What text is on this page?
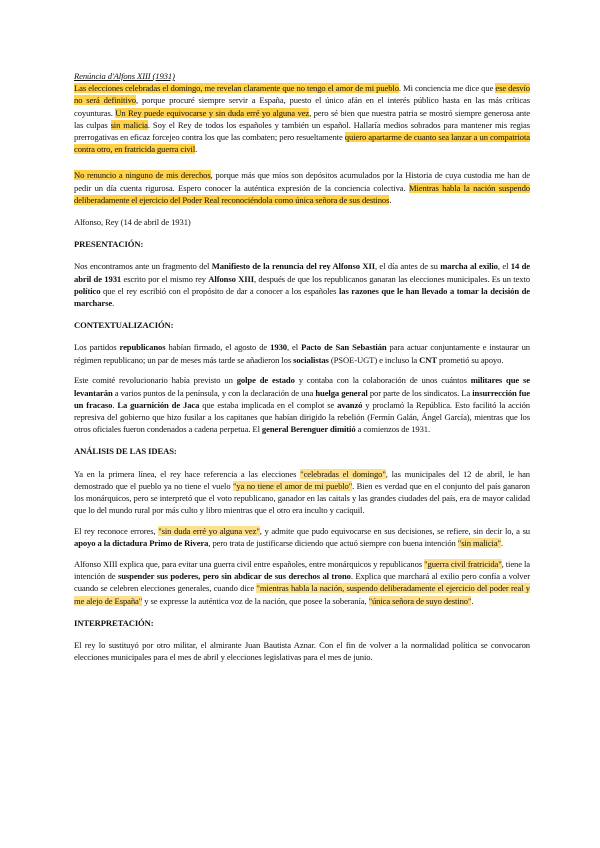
Renúncia d'Alfons XIII (1931)

Las elecciones celebradas el domingo, me revelan claramente que no tengo el amor de mi pueblo. Mi conciencia me dice que ese desvío no será definitivo, porque procuré siempre servir a España, puesto el único afán en el interés público hasta en las más críticas coyunturas. Un Rey puede equivocarse y sin duda erré yo alguna vez, pero sé bien que nuestra patria se mostró siempre generosa ante las culpas sin malicia. Soy el Rey de todos los españoles y también un español. Hallaría medios sobrados para mantener mis regias prerrogativas en eficaz forcejeo contra los que las combaten; pero resueltamente quiero apartarme de cuanto sea lanzar a un compatriota contra otro, en fratricida guerra civil.

No renuncio a ninguno de mis derechos, porque más que míos son depósitos acumulados por la Historia de cuya custodia me han de pedir un día cuenta rigurosa. Espero conocer la auténtica expresión de la conciencia colectiva. Mientras habla la nación suspendo deliberadamente el ejercicio del Poder Real reconociéndola como única señora de sus destinos.

Alfonso, Rey (14 de abril de 1931)
PRESENTACIÓN:

Nos encontramos ante un fragmento del Manifiesto de la renuncia del rey Alfonso XII, el día antes de su marcha al exilio, el 14 de abril de 1931 escrito por el mismo rey Alfonso XIII, después de que los republicanos ganaran las elecciones municipales. Es un texto político que el rey escribió con el propósito de dar a conocer a los españoles las razones que le han llevado a tomar la decisión de marcharse.

CONTEXTUALIZACIÓN:

Los partidos republicanos habían firmado, el agosto de 1930, el Pacto de San Sebastián para actuar conjuntamente e instaurar un régimen republicano; un par de meses más tarde se añadieron los socialistas (PSOE-UGT) e incluso la CNT prometió su apoyo.

Este comité revolucionario había previsto un golpe de estado y contaba con la colaboración de unos cuántos militares que se levantarán a varios puntos de la península, y con la declaración de una huelga general por parte de los sindicatos. La insurrección fue un fracaso. La guarnición de Jaca que estaba implicada en el complot se avanzó y proclamó la República. Esto facilitó la acción represiva del gobierno que hizo fusilar a los capitanes que habían dirigido la rebelión (Fermín Galán, Ángel García), mientras que los otros oficiales fueron condenados a cadena perpetua. El general Berenguer dimitió a comienzos de 1931.

ANÁLISIS DE LAS IDEAS:

Ya en la primera línea, el rey hace referencia a las elecciones "celebradas el domingo", las municipales del 12 de abril, le han demostrado que el pueblo ya no tiene el vuelo "ya no tiene el amor de mi pueblo". Bien es verdad que en el conjunto del país ganaron los monárquicos, pero se interpretó que el voto republicano, ganador en las caitals y las grandes ciudades del país, era de mayor calidad que lo del mundo rural por más culto y libro mientras que el otro era inculto y caciquil.

El rey reconoce errores, "sin duda erré yo alguna vez", y admite que pudo equivocarse en sus decisiones, se refiere, sin decir lo, a su apoyo a la dictadura Primo de Rivera, pero trata de justificarse diciendo que actuó siempre con buena intención "sin malicia".

Alfonso XIII explica que, para evitar una guerra civil entre españoles, entre monárquicos y republicanos "guerra civil fratricida", tiene la intención de suspender sus poderes, pero sin abdicar de sus derechos al trono. Explica que marchará al exilio pero confía a volver cuando se celebren elecciones generales, cuando dice "mientras habla la nación, suspendo deliberadamente el ejercicio del poder real y me alejo de España" y se expresse la auténtica voz de la nación, que posee la soberanía, "única señora de suyo destino".

INTERPRETACIÓN:

El rey lo sustituyó por otro militar, el almirante Juan Bautista Aznar. Con el fin de volver a la normalidad política se convocaron elecciones municipales para el mes de abril y elecciones legislativas para el mes de junio.
